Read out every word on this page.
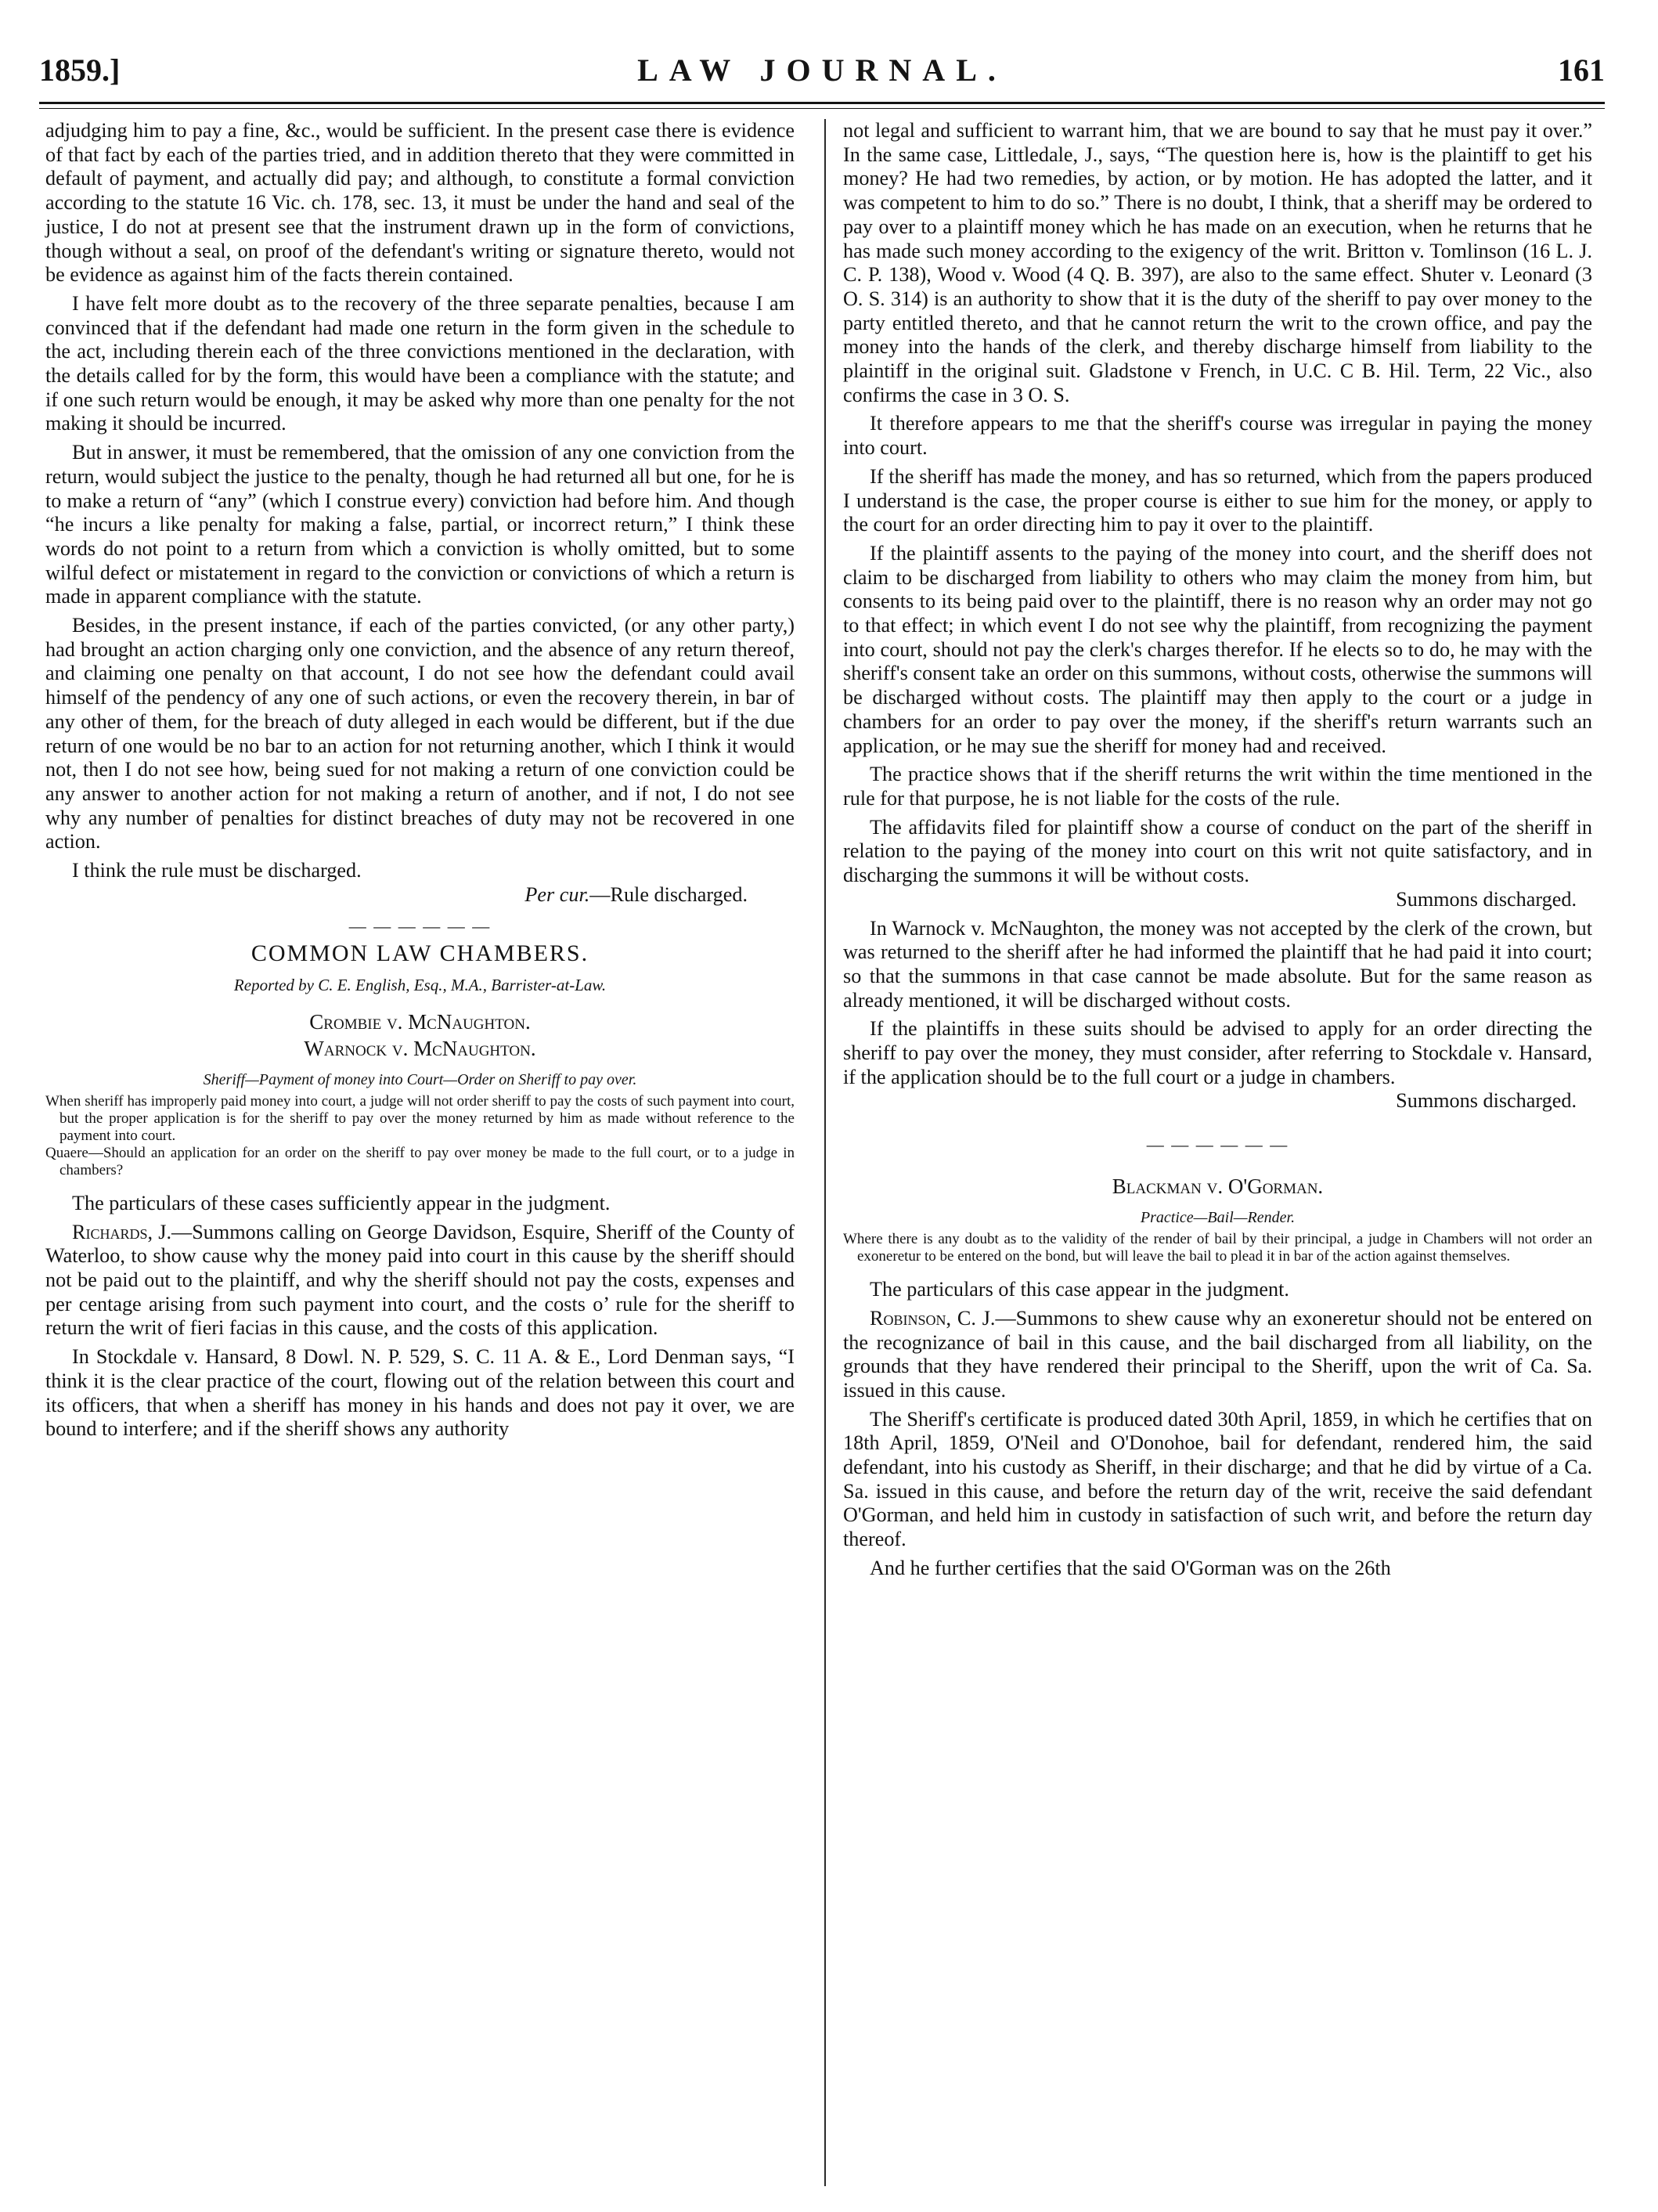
1859.]	LAW JOURNAL.	161

adjudging him to pay a fine, &c., would be sufficient. In the present case there is evidence of that fact by each of the parties tried, and in addition thereto that they were committed in default of payment, and actually did pay; and although, to constitute a formal conviction according to the statute 16 Vic. ch. 178, sec. 13, it must be under the hand and seal of the justice, I do not at present see that the instrument drawn up in the form of convictions, though without a seal, on proof of the defendant's writing or signature thereto, would not be evidence as against him of the facts therein contained.

I have felt more doubt as to the recovery of the three separate penalties, because I am convinced that if the defendant had made one return in the form given in the schedule to the act, including therein each of the three convictions mentioned in the declaration, with the details called for by the form, this would have been a compliance with the statute; and if one such return would be enough, it may be asked why more than one penalty for the not making it should be incurred.

But in answer, it must be remembered, that the omission of any one conviction from the return, would subject the justice to the penalty, though he had returned all but one, for he is to make a return of “any” (which I construe every) conviction had before him. And though “he incurs a like penalty for making a false, partial, or incorrect return,” I think these words do not point to a return from which a conviction is wholly omitted, but to some wilful defect or mistatement in regard to the conviction or convictions of which a return is made in apparent compliance with the statute.

Besides, in the present instance, if each of the parties convicted, (or any other party,) had brought an action charging only one conviction, and the absence of any return thereof, and claiming one penalty on that account, I do not see how the defendant could avail himself of the pendency of any one of such actions, or even the recovery therein, in bar of any other of them, for the breach of duty alleged in each would be different, but if the due return of one would be no bar to an action for not returning another, which I think it would not, then I do not see how, being sued for not making a return of one conviction could be any answer to another action for not making a return of another, and if not, I do not see why any number of penalties for distinct breaches of duty may not be recovered in one action.

I think the rule must be discharged.

Per cur.—Rule discharged.

— — — — — —
COMMON LAW CHAMBERS.
Reported by C. E. English, Esq., M.A., Barrister-at-Law.
Crombie v. McNaughton.
Warnock v. McNaughton.
Sheriff—Payment of money into Court—Order on Sheriff to pay over.

When sheriff has improperly paid money into court, a judge will not order sheriff to pay the costs of such payment into court, but the proper application is for the sheriff to pay over the money returned by him as made without reference to the payment into court.

Quaere—Should an application for an order on the sheriff to pay over money be made to the full court, or to a judge in chambers?

The particulars of these cases sufficiently appear in the judgment.

Richards, J.—Summons calling on George Davidson, Esquire, Sheriff of the County of Waterloo, to show cause why the money paid into court in this cause by the sheriff should not be paid out to the plaintiff, and why the sheriff should not pay the costs, expenses and per centage arising from such payment into court, and the costs o’ rule for the sheriff to return the writ of fieri facias in this cause, and the costs of this application.

In Stockdale v. Hansard, 8 Dowl. N. P. 529, S. C. 11 A. & E., Lord Denman says, “I think it is the clear practice of the court, flowing out of the relation between this court and its officers, that when a sheriff has money in his hands and does not pay it over, we are bound to interfere; and if the sheriff shows any authority

not legal and sufficient to warrant him, that we are bound to say that he must pay it over.” In the same case, Littledale, J., says, “The question here is, how is the plaintiff to get his money? He had two remedies, by action, or by motion. He has adopted the latter, and it was competent to him to do so.” There is no doubt, I think, that a sheriff may be ordered to pay over to a plaintiff money which he has made on an execution, when he returns that he has made such money according to the exigency of the writ. Britton v. Tomlinson (16 L. J. C. P. 138), Wood v. Wood (4 Q. B. 397), are also to the same effect. Shuter v. Leonard (3 O. S. 314) is an authority to show that it is the duty of the sheriff to pay over money to the party entitled thereto, and that he cannot return the writ to the crown office, and pay the money into the hands of the clerk, and thereby discharge himself from liability to the plaintiff in the original suit. Gladstone v French, in U.C. C B. Hil. Term, 22 Vic., also confirms the case in 3 O. S.

It therefore appears to me that the sheriff's course was irregular in paying the money into court.

If the sheriff has made the money, and has so returned, which from the papers produced I understand is the case, the proper course is either to sue him for the money, or apply to the court for an order directing him to pay it over to the plaintiff.

If the plaintiff assents to the paying of the money into court, and the sheriff does not claim to be discharged from liability to others who may claim the money from him, but consents to its being paid over to the plaintiff, there is no reason why an order may not go to that effect; in which event I do not see why the plaintiff, from recognizing the payment into court, should not pay the clerk's charges therefor. If he elects so to do, he may with the sheriff's consent take an order on this summons, without costs, otherwise the summons will be discharged without costs. The plaintiff may then apply to the court or a judge in chambers for an order to pay over the money, if the sheriff's return warrants such an application, or he may sue the sheriff for money had and received.

The practice shows that if the sheriff returns the writ within the time mentioned in the rule for that purpose, he is not liable for the costs of the rule.

The affidavits filed for plaintiff show a course of conduct on the part of the sheriff in relation to the paying of the money into court on this writ not quite satisfactory, and in discharging the summons it will be without costs.

Summons discharged.

In Warnock v. McNaughton, the money was not accepted by the clerk of the crown, but was returned to the sheriff after he had informed the plaintiff that he had paid it into court; so that the summons in that case cannot be made absolute. But for the same reason as already mentioned, it will be discharged without costs.

If the plaintiffs in these suits should be advised to apply for an order directing the sheriff to pay over the money, they must consider, after referring to Stockdale v. Hansard, if the application should be to the full court or a judge in chambers.

Summons discharged.

— — — — — —
Blackman v. O'Gorman.
Practice—Bail—Render.

Where there is any doubt as to the validity of the render of bail by their principal, a judge in Chambers will not order an exoneretur to be entered on the bond, but will leave the bail to plead it in bar of the action against themselves.

The particulars of this case appear in the judgment.

Robinson, C. J.—Summons to shew cause why an exoneretur should not be entered on the recognizance of bail in this cause, and the bail discharged from all liability, on the grounds that they have rendered their principal to the Sheriff, upon the writ of Ca. Sa. issued in this cause.

The Sheriff's certificate is produced dated 30th April, 1859, in which he certifies that on 18th April, 1859, O'Neil and O'Donohoe, bail for defendant, rendered him, the said defendant, into his custody as Sheriff, in their discharge; and that he did by virtue of a Ca. Sa. issued in this cause, and before the return day of the writ, receive the said defendant O'Gorman, and held him in custody in satisfaction of such writ, and before the return day thereof.

And he further certifies that the said O'Gorman was on the 26th
